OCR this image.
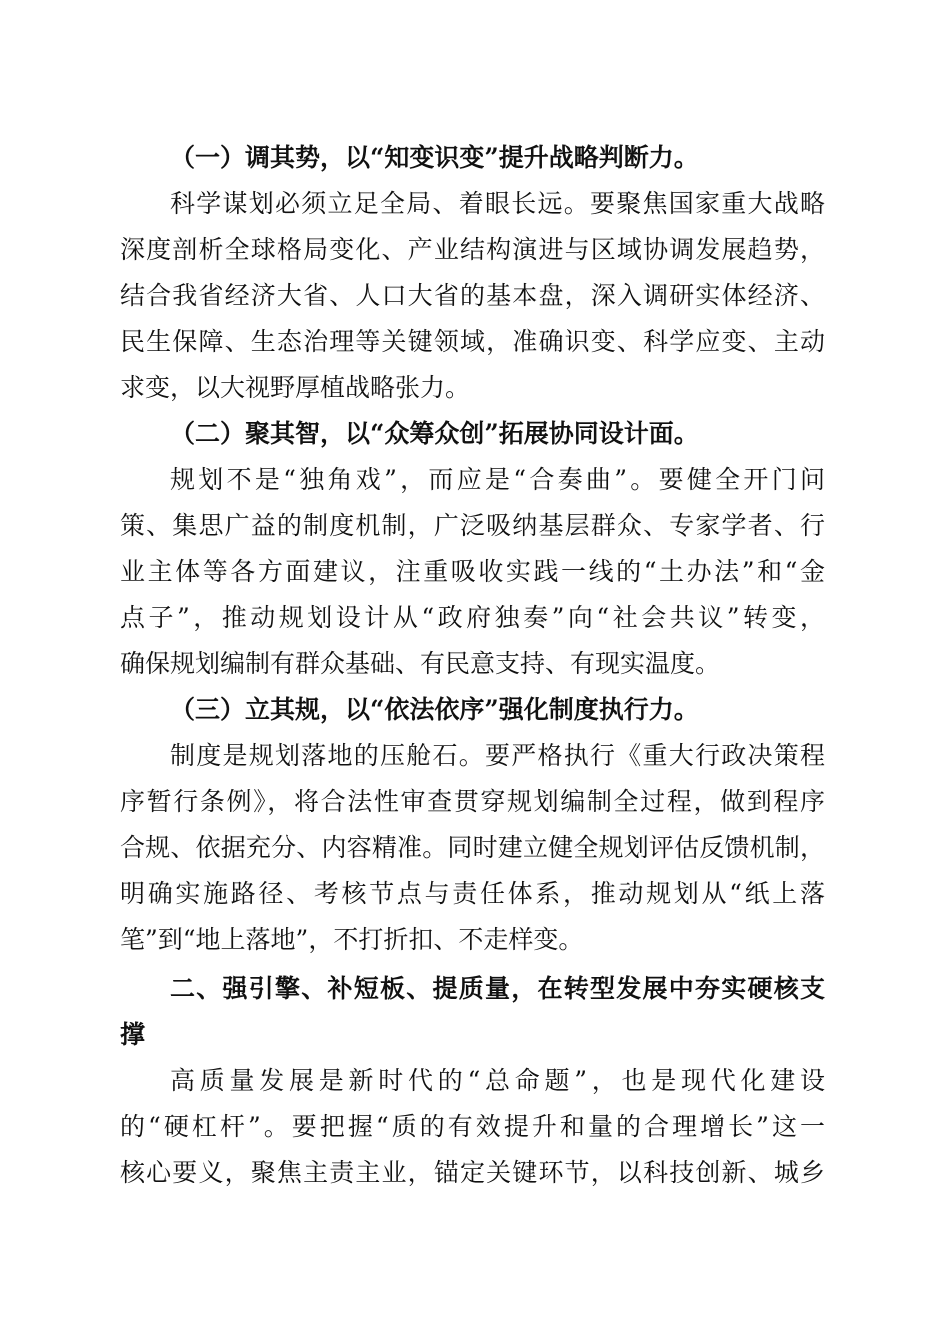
（一）调其势，以“知变识变”提升战略判断力。
科学谋划必须立足全局、着眼长远。要聚焦国家重大战略
深度剖析全球格局变化、产业结构演进与区域协调发展趋势，
结合我省经济大省、人口大省的基本盘，深入调研实体经济、
民生保障、生态治理等关键领域，准确识变、科学应变、主动
求变，以大视野厚植战略张力。
（二）聚其智，以“众筹众创”拓展协同设计面。
规划不是“独角戏”，而应是“合奏曲”。要健全开门问
策、集思广益的制度机制，广泛吸纳基层群众、专家学者、行
业主体等各方面建议，注重吸收实践一线的“土办法”和“金
点子”，推动规划设计从“政府独奏”向“社会共议”转变，
确保规划编制有群众基础、有民意支持、有现实温度。
（三）立其规，以“依法依序”强化制度执行力。
制度是规划落地的压舱石。要严格执行《重大行政决策程
序暂行条例》，将合法性审查贯穿规划编制全过程，做到程序
合规、依据充分、内容精准。同时建立健全规划评估反馈机制，
明确实施路径、考核节点与责任体系，推动规划从“纸上落
笔”到“地上落地”，不打折扣、不走样变。
二、强引擎、补短板、提质量，在转型发展中夯实硬核支
撑
高质量发展是新时代的“总命题”，也是现代化建设
的“硬杠杆”。要把握“质的有效提升和量的合理增长”这一
核心要义，聚焦主责主业，锚定关键环节，以科技创新、城乡
